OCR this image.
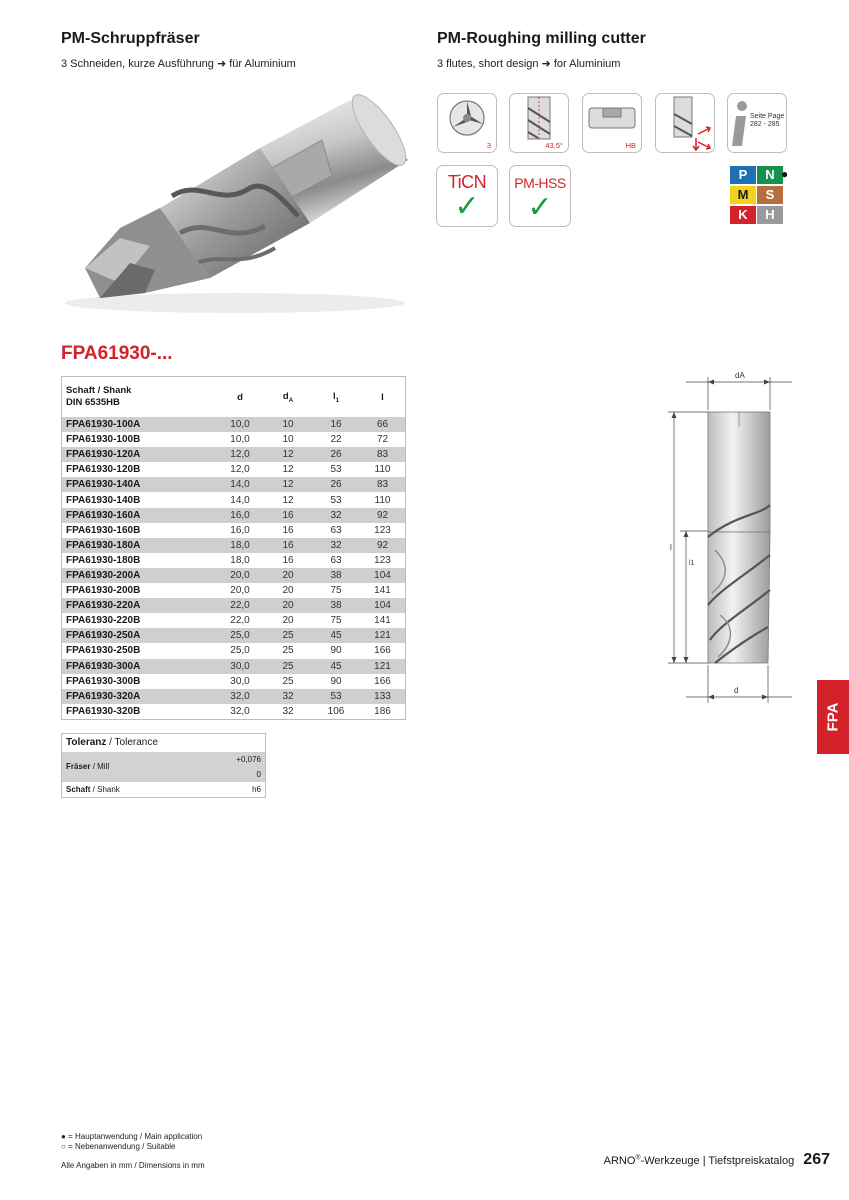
PM-Schruppfräser
3 Schneiden, kurze Ausführung ➜ für Aluminium
PM-Roughing milling cutter
3 flutes, short design ➜ for Aluminium
3	43,5°	HB
Seite Page
282 - 285
TiCN
✓
PM-HSS
✓
P	N ●
M	S
K	H
FPA61930-...
Schaft / Shank
DIN 6535HB	d	$d_A$	$l_1$	l
FPA61930-100A	10,0	10	16	66
FPA61930-100B	10,0	10	22	72
FPA61930-120A	12,0	12	26	83
FPA61930-120B	12,0	12	53	110
FPA61930-140A	14,0	12	26	83
FPA61930-140B	14,0	12	53	110
FPA61930-160A	16,0	16	32	92
FPA61930-160B	16,0	16	63	123
FPA61930-180A	18,0	16	32	92
FPA61930-180B	18,0	16	63	123
FPA61930-200A	20,0	20	38	104
FPA61930-200B	20,0	20	75	141
FPA61930-220A	22,0	20	38	104
FPA61930-220B	22,0	20	75	141
FPA61930-250A	25,0	25	45	121
FPA61930-250B	25,0	25	90	166
FPA61930-300A	30,0	25	45	121
FPA61930-300B	30,0	25	90	166
FPA61930-320A	32,0	32	53	133
FPA61930-320B	32,0	32	106	186
Toleranz / Tolerance	
Fräser / Mill	+0,076
0

Schaft / Shank	h6
dA
l
l1
d
FPA
● = Hauptanwendung / Main application
○ = Nebenanwendung / Suitable
Alle Angaben in mm / Dimensions in mm	ARNO®-Werkzeuge | Tiefstpreiskatalog 267
